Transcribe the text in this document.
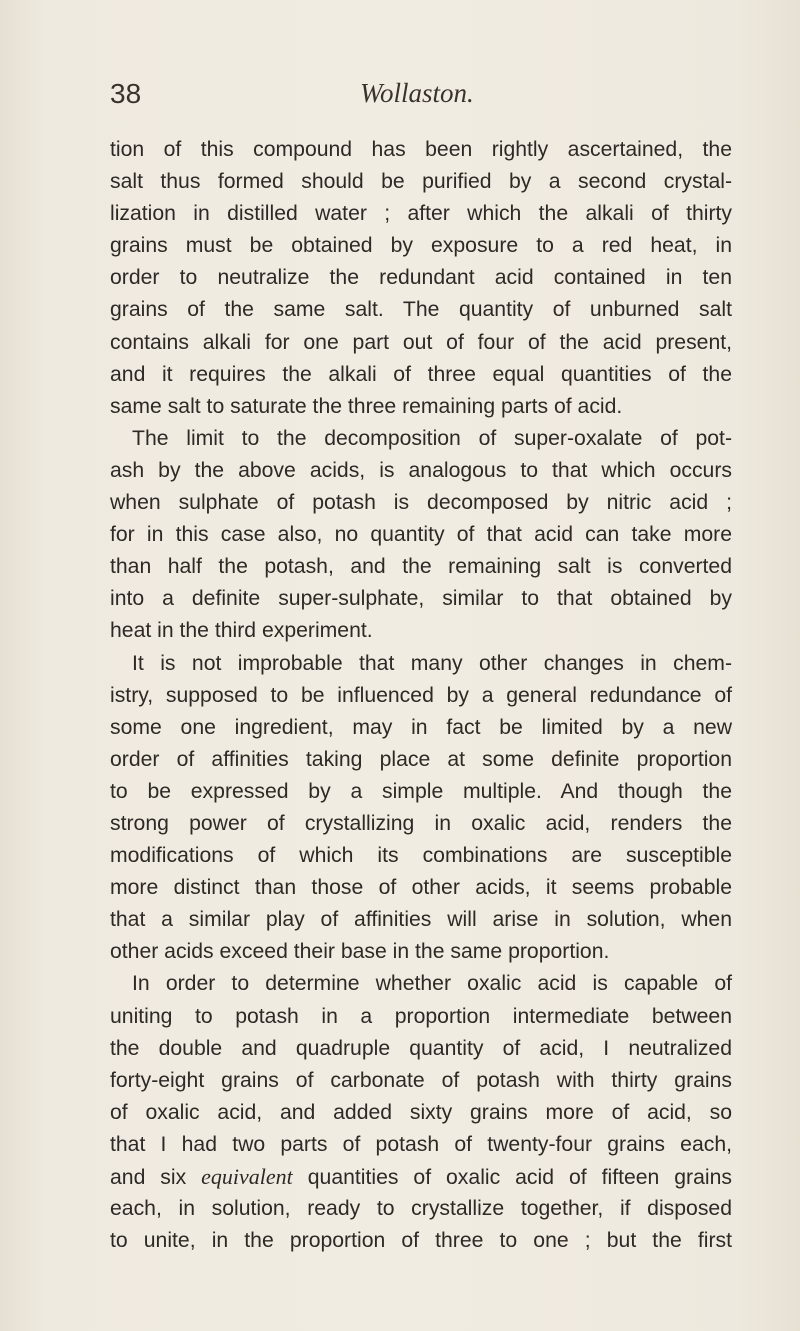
38	Wollaston.
tion of this compound has been rightly ascertained, the
salt thus formed should be purified by a second crystal-
lization in distilled water ; after which the alkali of thirty
grains must be obtained by exposure to a red heat, in
order to neutralize the redundant acid contained in ten
grains of the same salt. The quantity of unburned salt
contains alkali for one part out of four of the acid present,
and it requires the alkali of three equal quantities of the
same salt to saturate the three remaining parts of acid.
The limit to the decomposition of super-oxalate of pot-
ash by the above acids, is analogous to that which occurs
when sulphate of potash is decomposed by nitric acid ;
for in this case also, no quantity of that acid can take more
than half the potash, and the remaining salt is converted
into a definite super-sulphate, similar to that obtained by
heat in the third experiment.
It is not improbable that many other changes in chem-
istry, supposed to be influenced by a general redundance of
some one ingredient, may in fact be limited by a new
order of affinities taking place at some definite proportion
to be expressed by a simple multiple. And though the
strong power of crystallizing in oxalic acid, renders the
modifications of which its combinations are susceptible
more distinct than those of other acids, it seems probable
that a similar play of affinities will arise in solution, when
other acids exceed their base in the same proportion.
In order to determine whether oxalic acid is capable of
uniting to potash in a proportion intermediate between
the double and quadruple quantity of acid, I neutralized
forty-eight grains of carbonate of potash with thirty grains
of oxalic acid, and added sixty grains more of acid, so
that I had two parts of potash of twenty-four grains each,
and six equivalent quantities of oxalic acid of fifteen grains
each, in solution, ready to crystallize together, if disposed
to unite, in the proportion of three to one ; but the first
